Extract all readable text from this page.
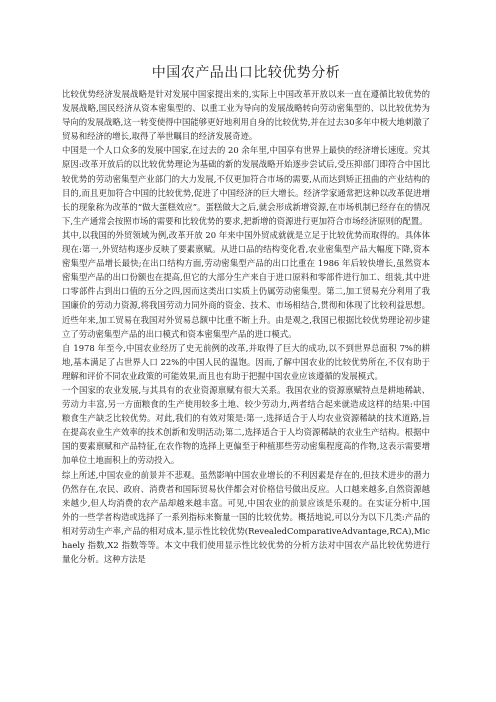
中国农产品出口比较优势分析

比较优势经济发展战略是针对发展中国家提出来的,实际上中国改革开放以来一直在遵循比较优势的发展战略,国民经济从资本密集型的、以重工业为导向的发展战略转向劳动密集型的、以比较优势为导向的发展战略,这一转变使得中国能够更好地利用自身的比较优势,并在过去30多年中极大地刺激了贸易和经济的增长,取得了举世瞩目的经济发展奇迹。

中国是一个人口众多的发展中国家,在过去的 20 余年里,中国享有世界上最快的经济增长速度。究其原因:改革开放后的以比较优势理论为基础的新的发展战略开始逐步尝试后,受压抑部门即符合中国比较优势的劳动密集型产业部门的大力发展,不仅更加符合市场的需要,从而达到矫正扭曲的产业结构的目的,而且更加符合中国的比较优势,促进了中国经济的巨大增长。经济学家通常把这种以改革促进增长的现象称为改革的“做大蛋糕效应”。蛋糕做大之后,就会形成新增资源,在市场机制已经存在的情况下,生产通常会按照市场的需要和比较优势的要求,把新增的资源进行更加符合市场经济原则的配置。

其中,以我国的外贸领域为例,改革开放 20 年来中国外贸成就就是立足于比较优势而取得的。具体体现在:第一,外贸结构逐步反映了要素禀赋。从进口品的结构变化看,农业密集型产品大幅度下降,资本密集型产品增长最快;在出口结构方面,劳动密集型产品的出口比重在 1986 年后较快增长,虽然资本密集型产品的出口份额也在提高,但它的大部分生产来自于进口原料和零部件进行加工、组装,其中进口零部件占到出口值的五分之四,因而这类出口实质上仍属劳动密集型。第二,加工贸易充分利用了我国廉价的劳动力资源,将我国劳动力同外商的资金、技术、市场相结合,贯彻和体现了比较利益思想。近些年来,加工贸易在我国对外贸易总额中比重不断上升。由是观之,我国已根据比较优势理论初步建立了劳动密集型产品的出口模式和资本密集型产品的进口模式。

自 1978 年至今,中国农业经历了史无前例的改革,并取得了巨大的成功,以不到世界总面积 7%的耕地,基本满足了占世界人口 22%的中国人民的温饱。因而,了解中国农业的比较优势所在,不仅有助于理解和评价不同农业政策的可能效果,而且也有助于把握中国农业应该遵循的发展模式。

一个国家的农业发展,与其具有的农业资源禀赋有很大关系。我国农业的资源禀赋特点是耕地稀缺、劳动力丰富,另一方面粮食的生产使用较多土地、较少劳动力,两者结合起来就造成这样的结果:中国粮食生产缺乏比较优势。对此,我们的有效对策是:第一,选择适合于人均农业资源稀缺的技术道路,旨在提高农业生产效率的技术创新和发明活动;第二,选择适合于人均资源稀缺的农业生产结构。根据中国的要素禀赋和产品特征,在农作物的选择上更偏至于种植那些劳动密集程度高的作物,这表示需要增加单位土地面积上的劳动投入。

综上所述,中国农业的前景并不悲观。虽然影响中国农业增长的不利因素是存在的,但技术进步的潜力仍然存在,农民、政府、消费者和国际贸易伙伴都会对价格信号做出反应。人口越来越多,自然资源越来越少,但人均消费的农产品却越来越丰富。可见,中国农业的前景应该是乐观的。在实证分析中,国外的一些学者构造或选择了一系列指标来衡量一国的比较优势。概括地说,可以分为以下几类:产品的相对劳动生产率,产品的相对成本,显示性比较优势(RevealedComparativeAdvantage,RCA),Michaely 指数,X2 指数等等。本文中我们使用显示性比较优势的分析方法对中国农产品比较优势进行量化分析。这种方法是
